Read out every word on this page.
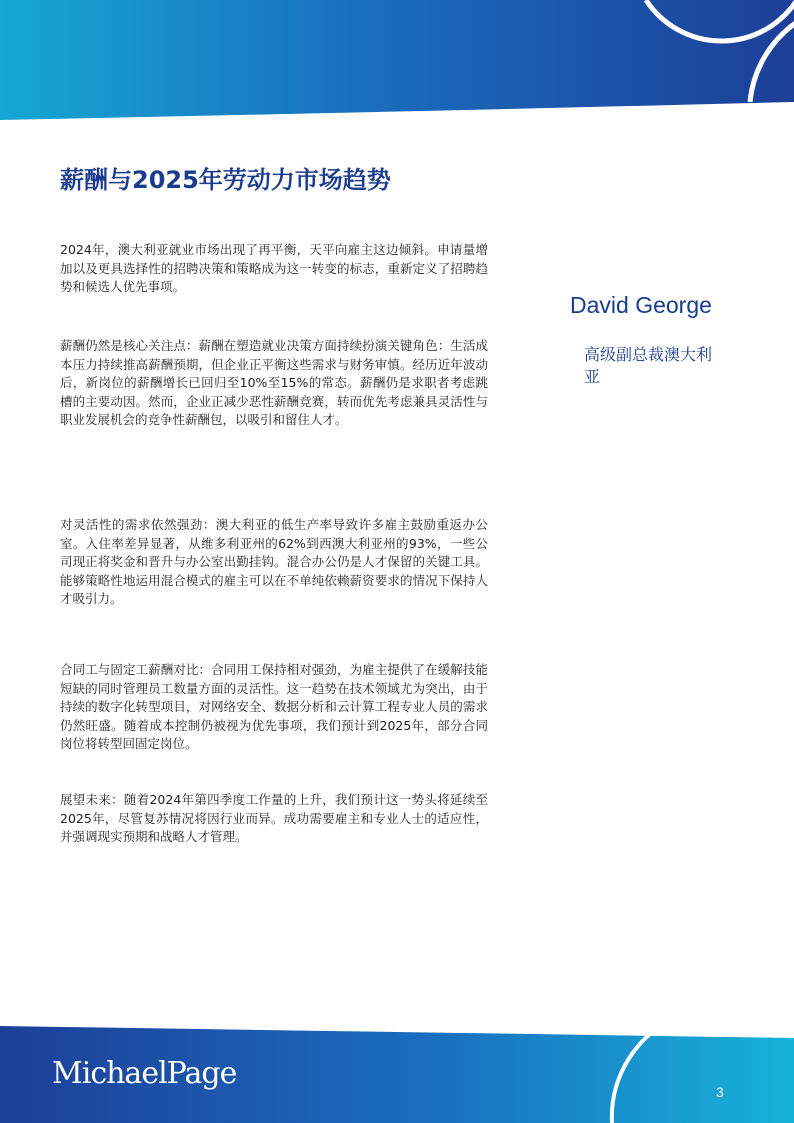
薪酬与2025年劳动力市场趋势

2024年，澳大利亚就业市场出现了再平衡，天平向雇主这边倾斜。申请量增加以及更具选择性的招聘决策和策略成为这一转变的标志，重新定义了招聘趋势和候选人优先事项。

薪酬仍然是核心关注点：薪酬在塑造就业决策方面持续扮演关键角色：生活成本压力持续推高薪酬预期，但企业正平衡这些需求与财务审慎。经历近年波动后，新岗位的薪酬增长已回归至10%至15%的常态。薪酬仍是求职者考虑跳槽的主要动因。然而，企业正减少恶性薪酬竞赛，转而优先考虑兼具灵活性与职业发展机会的竞争性薪酬包，以吸引和留住人才。

对灵活性的需求依然强劲：澳大利亚的低生产率导致许多雇主鼓励重返办公室。入住率差异显著，从维多利亚州的62%到西澳大利亚州的93%，一些公司现正将奖金和晋升与办公室出勤挂钩。混合办公仍是人才保留的关键工具。能够策略性地运用混合模式的雇主可以在不单纯依赖薪资要求的情况下保持人才吸引力。

合同工与固定工薪酬对比：合同用工保持相对强劲，为雇主提供了在缓解技能短缺的同时管理员工数量方面的灵活性。这一趋势在技术领域尤为突出，由于持续的数字化转型项目，对网络安全、数据分析和云计算工程专业人员的需求仍然旺盛。随着成本控制仍被视为优先事项，我们预计到2025年，部分合同岗位将转型回固定岗位。

展望未来：随着2024年第四季度工作量的上升，我们预计这一势头将延续至2025年，尽管复苏情况将因行业而异。成功需要雇主和专业人士的适应性，并强调现实预期和战略人才管理。

David George
高级副总裁澳大利亚
MichaelPage
3
